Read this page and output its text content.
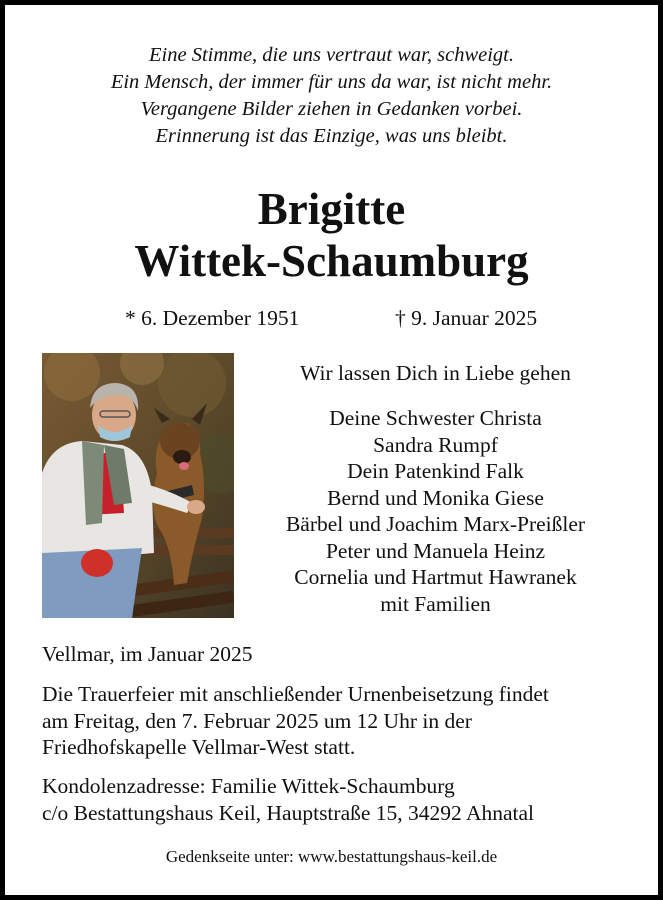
Eine Stimme, die uns vertraut war, schweigt.
Ein Mensch, der immer für uns da war, ist nicht mehr.
Vergangene Bilder ziehen in Gedanken vorbei.
Erinnerung ist das Einzige, was uns bleibt.
Brigitte
Wittek-Schaumburg
* 6. Dezember 1951	† 9. Januar 2025
Wir lassen Dich in Liebe gehen
Deine Schwester Christa
Sandra Rumpf
Dein Patenkind Falk
Bernd und Monika Giese
Bärbel und Joachim Marx-Preißler
Peter und Manuela Heinz
Cornelia und Hartmut Hawranek
mit Familien
Vellmar, im Januar 2025
Die Trauerfeier mit anschließender Urnenbeisetzung findet
am Freitag, den 7. Februar 2025 um 12 Uhr in der
Friedhofskapelle Vellmar-West statt.
Kondolenzadresse: Familie Wittek-Schaumburg
c/o Bestattungshaus Keil, Hauptstraße 15, 34292 Ahnatal
Gedenkseite unter: www.bestattungshaus-keil.de
